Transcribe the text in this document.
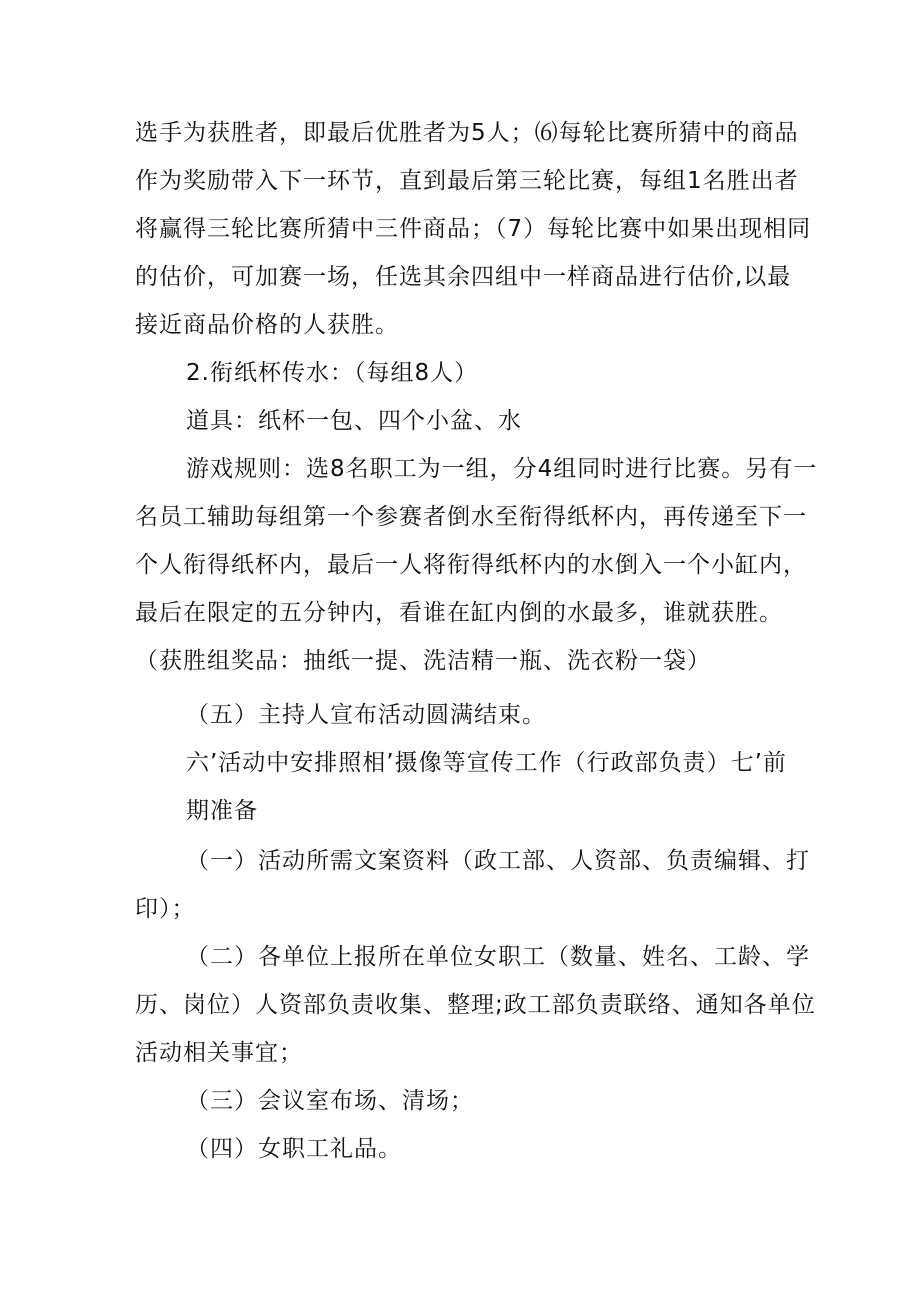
选手为获胜者，即最后优胜者为5人；⑹每轮比赛所猜中的商品
作为奖励带入下一环节，直到最后第三轮比赛，每组1名胜出者
将赢得三轮比赛所猜中三件商品；（7）每轮比赛中如果出现相同
的估价，可加赛一场，任选其余四组中一样商品进行估价,以最
接近商品价格的人获胜。
2.衔纸杯传水：（每组8人）
道具：纸杯一包、四个小盆、水
游戏规则：选8名职工为一组，分4组同时进行比赛。另有一
名员工辅助每组第一个参赛者倒水至衔得纸杯内，再传递至下一
个人衔得纸杯内，最后一人将衔得纸杯内的水倒入一个小缸内，
最后在限定的五分钟内，看谁在缸内倒的水最多，谁就获胜。
（获胜组奖品：抽纸一提、洗洁精一瓶、洗衣粉一袋）
（五）主持人宣布活动圆满结束。
六’活动中安排照相’摄像等宣传工作（行政部负责）七’前
期准备
（一）活动所需文案资料（政工部、人资部、负责编辑、打
印）；
（二）各单位上报所在单位女职工（数量、姓名、工龄、学
历、岗位）人资部负责收集、整理;政工部负责联络、通知各单位
活动相关事宜；
（三）会议室布场、清场；
（四）女职工礼品。
